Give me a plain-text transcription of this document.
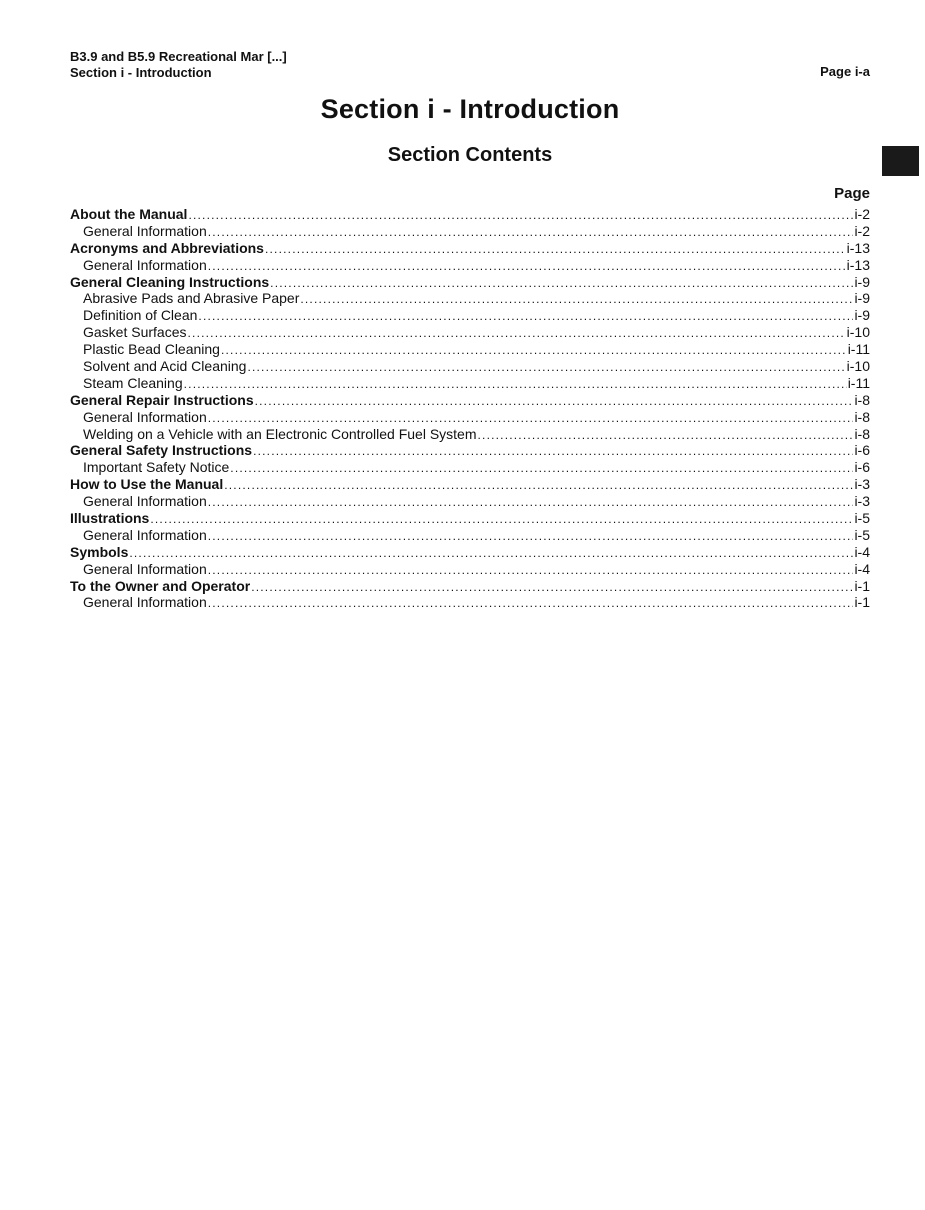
B3.9 and B5.9 Recreational Mar [...]
Section i - Introduction	Page i-a
Section i - Introduction
Section Contents
Page
About the Manual .....	i-2
General Information .....	i-2
Acronyms and Abbreviations .....	i-13
General Information .....	i-13
General Cleaning Instructions .....	i-9
Abrasive Pads and Abrasive Paper .....	i-9
Definition of Clean .....	i-9
Gasket Surfaces .....	i-10
Plastic Bead Cleaning .....	i-11
Solvent and Acid Cleaning .....	i-10
Steam Cleaning .....	i-11
General Repair Instructions .....	i-8
General Information .....	i-8
Welding on a Vehicle with an Electronic Controlled Fuel System .....	i-8
General Safety Instructions .....	i-6
Important Safety Notice .....	i-6
How to Use the Manual .....	i-3
General Information .....	i-3
Illustrations .....	i-5
General Information .....	i-5
Symbols .....	i-4
General Information .....	i-4
To the Owner and Operator .....	i-1
General Information .....	i-1
